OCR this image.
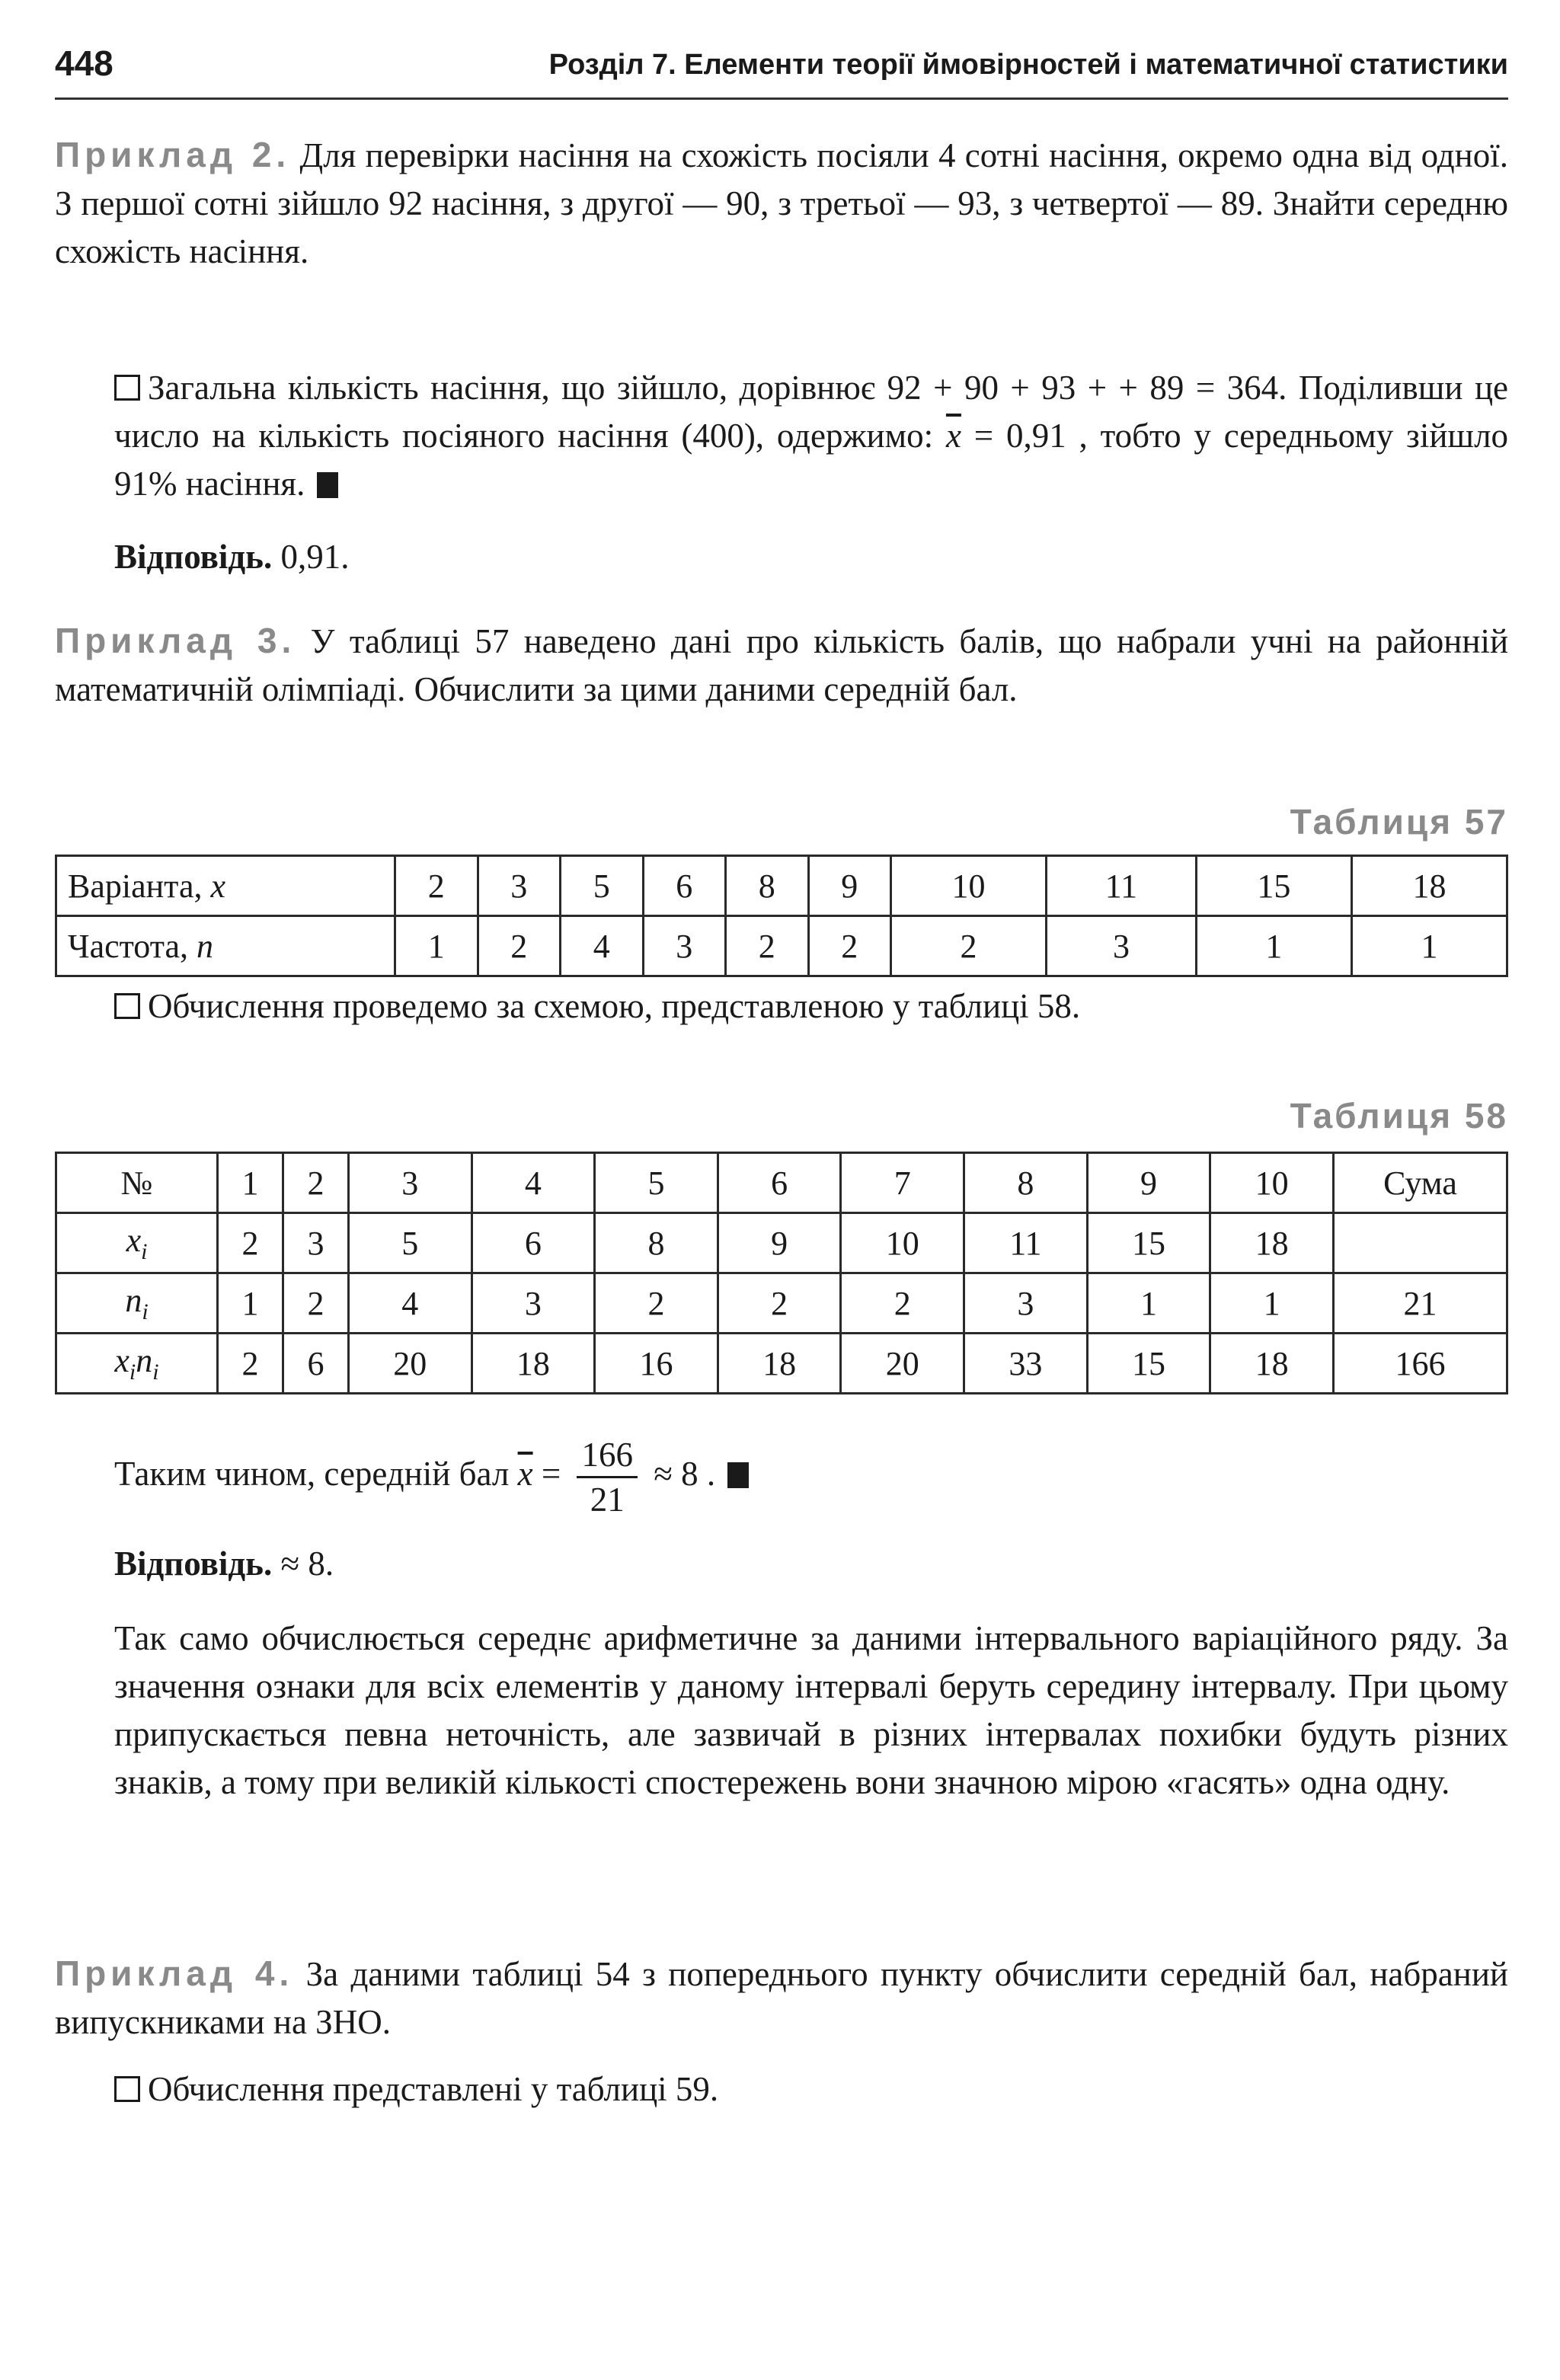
448	Розділ 7. Елементи теорії ймовірностей і математичної статистики

Приклад 2. Для перевірки насіння на схожість посіяли 4 сотні насіння, окремо одна від одної. З першої сотні зійшло 92 насіння, з другої — 90, з третьої — 93, з четвертої — 89. Знайти середню схожість насіння.

Загальна кількість насіння, що зійшло, дорівнює 92 + 90 + 93 + + 89 = 364. Поділивши це число на кількість посіяного насіння (400), одержимо: $\overline{x} = 0,91$ , тобто у середньому зійшло 91% насіння.

Відповідь. 0,91.

Приклад 3. У таблиці 57 наведено дані про кількість балів, що набрали учні на районній математичній олімпіаді. Обчислити за цими даними середній бал.

Таблиця 57
Варіанта, x	2	3	5	6	8	9	10	11	15	18
Частота, n	1	2	4	3	2	2	2	3	1	1

Обчислення проведемо за схемою, представленою у таблиці 58.

Таблиця 58
№	1	2	3	4	5	6	7	8	9	10	Сума
$x_i$	2	3	5	6	8	9	10	11	15	18	
$n_i$	1	2	4	3	2	2	2	3	1	1	21
$x_in_i$	2	6	20	18	16	18	20	33	15	18	166

Таким чином, середній бал $\overline{x} = \frac{166}{21} \approx 8$ .

Відповідь. ≈ 8.

Так само обчислюється середнє арифметичне за даними інтервального варіаційного ряду. За значення ознаки для всіх елементів у даному інтервалі беруть середину інтервалу. При цьому припускається певна неточність, але зазвичай в різних інтервалах похибки будуть різних знаків, а тому при великій кількості спостережень вони значною мірою «гасять» одна одну.

Приклад 4. За даними таблиці 54 з попереднього пункту обчислити середній бал, набраний випускниками на ЗНО.

Обчислення представлені у таблиці 59.
